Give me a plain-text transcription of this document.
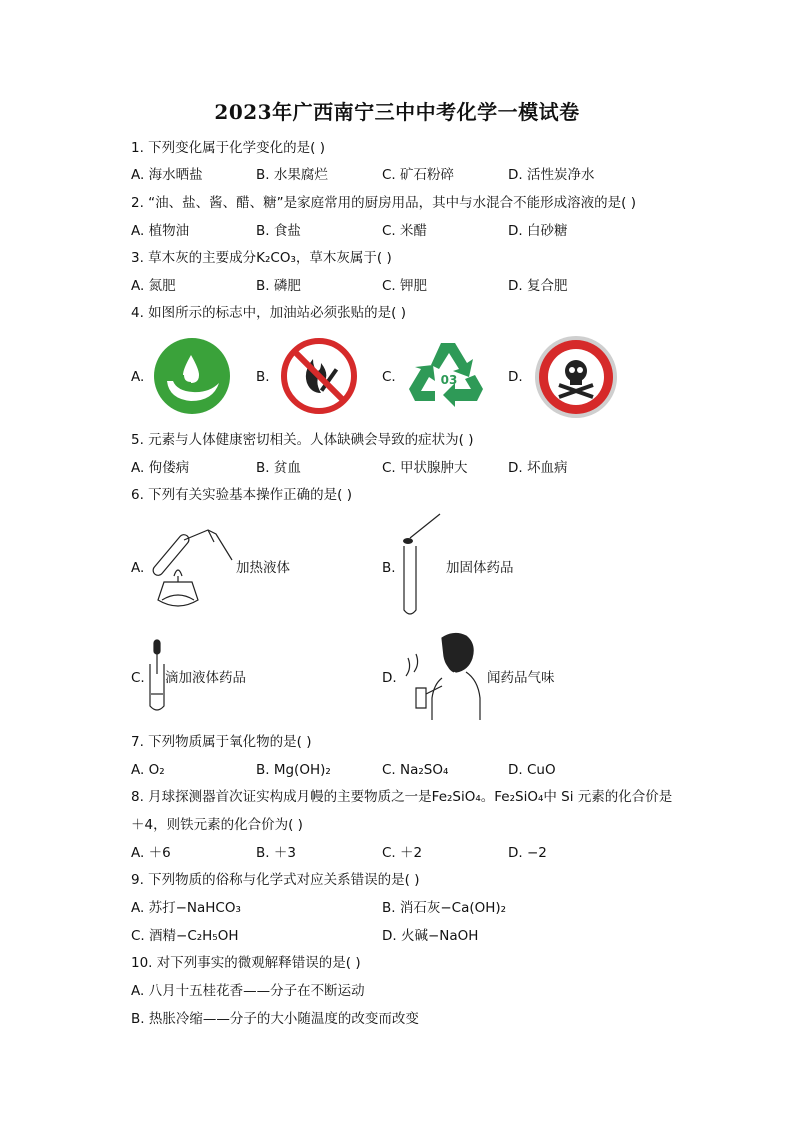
2023年广西南宁三中中考化学一模试卷
1. 下列变化属于化学变化的是( )
A. 海水晒盐	B. 水果腐烂	C. 矿石粉碎	D. 活性炭净水
2. “油、盐、酱、醋、糖”是家庭常用的厨房用品，其中与水混合不能形成溶液的是( )
A. 植物油	B. 食盐	C. 米醋	D. 白砂糖
3. 草木灰的主要成分K₂CO₃，草木灰属于( )
A. 氮肥	B. 磷肥	C. 钾肥	D. 复合肥
4. 如图所示的标志中，加油站必须张贴的是( )
A.	B.	C.	D.
03
5. 元素与人体健康密切相关。人体缺碘会导致的症状为( )
A. 佝偻病	B. 贫血	C. 甲状腺肿大	D. 坏血病
6. 下列有关实验基本操作正确的是( )
A.	加热液体	B.	加固体药品
C. 滴加液体药品	D.	闻药品气味
7. 下列物质属于氧化物的是( )
A. O₂	B. Mg(OH)₂	C. Na₂SO₄	D. CuO
8. 月球探测器首次证实构成月幔的主要物质之一是Fe₂SiO₄。Fe₂SiO₄中 Si 元素的化合价是
＋4，则铁元素的化合价为( )
A. ＋6	B. ＋3	C. ＋2	D. −2
9. 下列物质的俗称与化学式对应关系错误的是( )
A. 苏打−NaHCO₃	B. 消石灰−Ca(OH)₂
C. 酒精−C₂H₅OH	D. 火碱−NaOH
10. 对下列事实的微观解释错误的是( )
A. 八月十五桂花香——分子在不断运动
B. 热胀冷缩——分子的大小随温度的改变而改变
